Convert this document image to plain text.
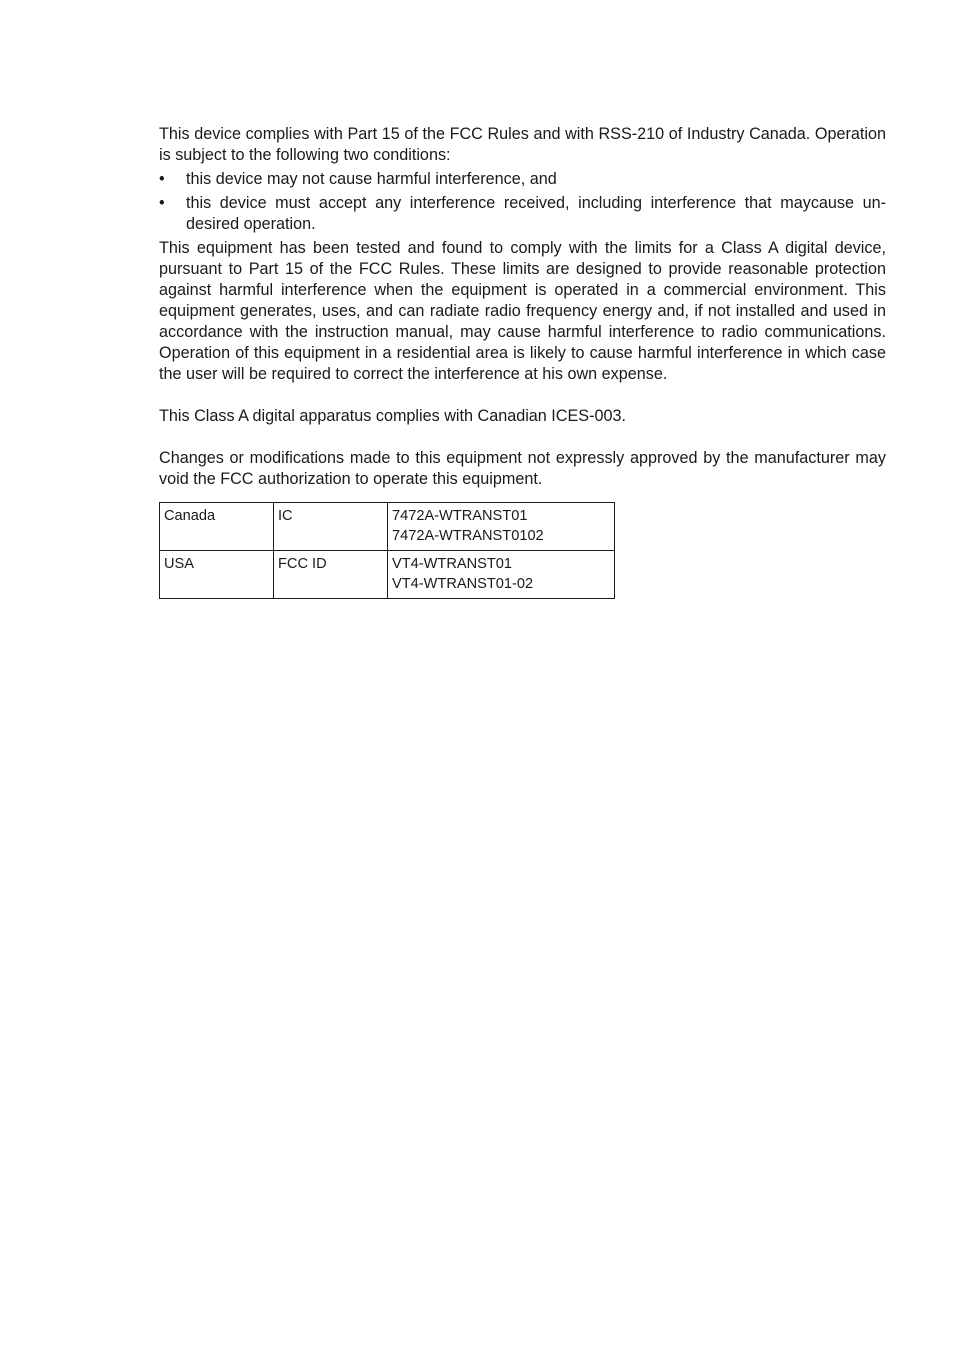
This device complies with Part 15 of the FCC Rules and with RSS-210 of Industry Canada. Operation is subject to the following two conditions:

• this device may not cause harmful interference, and
• this device must accept any interference received, including interference that maycause undesired operation.

This equipment has been tested and found to comply with the limits for a Class A digital device, pursuant to Part 15 of the FCC Rules. These limits are designed to provide reasonable protection against harmful interference when the equipment is operated in a commercial environment. This equipment generates, uses, and can radiate radio frequency energy and, if not installed and used in accordance with the instruction manual, may cause harmful interference to radio communications. Operation of this equipment in a residential area is likely to cause harmful interference in which case the user will be required to correct the interference at his own expense.

This Class A digital apparatus complies with Canadian ICES-003.

Changes or modifications made to this equipment not expressly approved by the manufacturer may void the FCC authorization to operate this equipment.

Canada	IC	7472A-WTRANST01
7472A-WTRANST0102

USA	FCC ID	VT4-WTRANST01
VT4-WTRANST01-02
